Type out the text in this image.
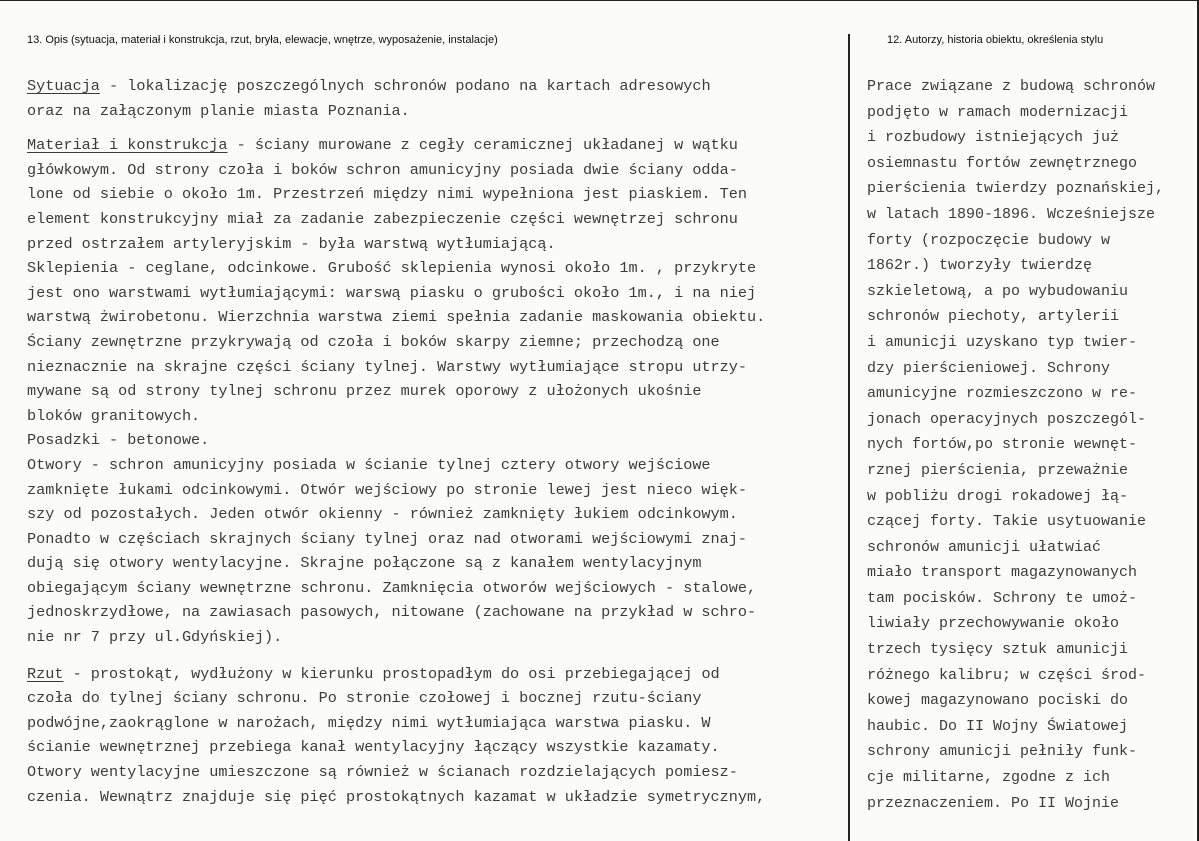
13. Opis (sytuacja, materiał i konstrukcja, rzut, bryła, elewacje, wnętrze, wyposażenie, instalacje)	12. Autorzy, historia obiektu, określenia stylu
Sytuacja - lokalizację poszczególnych schronów podano na kartach adresowych
oraz na załączonym planie miasta Poznania.
Materiał i konstrukcja - ściany murowane z cegły ceramicznej układanej w wątku
główkowym. Od strony czoła i boków schron amunicyjny posiada dwie ściany odda-
lone od siebie o około 1m. Przestrzeń między nimi wypełniona jest piaskiem. Ten
element konstrukcyjny miał za zadanie zabezpieczenie części wewnętrzej schronu
przed ostrzałem artyleryjskim - była warstwą wytłumiającą.
Sklepienia - ceglane, odcinkowe. Grubość sklepienia wynosi około 1m. , przykryte
jest ono warstwami wytłumiającymi: warswą piasku o grubości około 1m., i na niej
warstwą żwirobetonu. Wierzchnia warstwa ziemi spełnia zadanie maskowania obiektu.
Ściany zewnętrzne przykrywają od czoła i boków skarpy ziemne; przechodzą one
nieznacznie na skrajne części ściany tylnej. Warstwy wytłumiające stropu utrzy-
mywane są od strony tylnej schronu przez murek oporowy z ułożonych ukośnie
bloków granitowych.
Posadzki - betonowe.
Otwory - schron amunicyjny posiada w ścianie tylnej cztery otwory wejściowe
zamknięte łukami odcinkowymi. Otwór wejściowy po stronie lewej jest nieco więk-
szy od pozostałych. Jeden otwór okienny - również zamknięty łukiem odcinkowym.
Ponadto w częściach skrajnych ściany tylnej oraz nad otworami wejściowymi znaj-
dują się otwory wentylacyjne. Skrajne połączone są z kanałem wentylacyjnym
obiegającym ściany wewnętrzne schronu. Zamknięcia otworów wejściowych - stalowe,
jednoskrzydłowe, na zawiasach pasowych, nitowane (zachowane na przykład w schro-
nie nr 7 przy ul.Gdyńskiej).
Rzut - prostokąt, wydłużony w kierunku prostopadłym do osi przebiegającej od
czoła do tylnej ściany schronu. Po stronie czołowej i bocznej rzutu-ściany
podwójne,zaokrąglone w narożach, między nimi wytłumiająca warstwa piasku. W
ścianie wewnętrznej przebiega kanał wentylacyjny łączący wszystkie kazamaty.
Otwory wentylacyjne umieszczone są również w ścianach rozdzielających pomiesz-
czenia. Wewnątrz znajduje się pięć prostokątnych kazamat w układzie symetrycznym,
Prace związane z budową schronów
podjęto w ramach modernizacji
i rozbudowy istniejących już
osiemnastu fortów zewnętrznego
pierścienia twierdzy poznańskiej,
w latach 1890-1896. Wcześniejsze
forty (rozpoczęcie budowy w
1862r.) tworzyły twierdzę
szkieletową, a po wybudowaniu
schronów piechoty, artylerii
i amunicji uzyskano typ twier-
dzy pierścieniowej. Schrony
amunicyjne rozmieszczono w re-
jonach operacyjnych poszczegól-
nych fortów,po stronie wewnęt-
rznej pierścienia, przeważnie
w pobliżu drogi rokadowej łą-
czącej forty. Takie usytuowanie
schronów amunicji ułatwiać
miało transport magazynowanych
tam pocisków. Schrony te umoż-
liwiały przechowywanie około
trzech tysięcy sztuk amunicji
różnego kalibru; w części środ-
kowej magazynowano pociski do
haubic. Do II Wojny Światowej
schrony amunicji pełniły funk-
cje militarne, zgodne z ich
przeznaczeniem. Po II Wojnie
